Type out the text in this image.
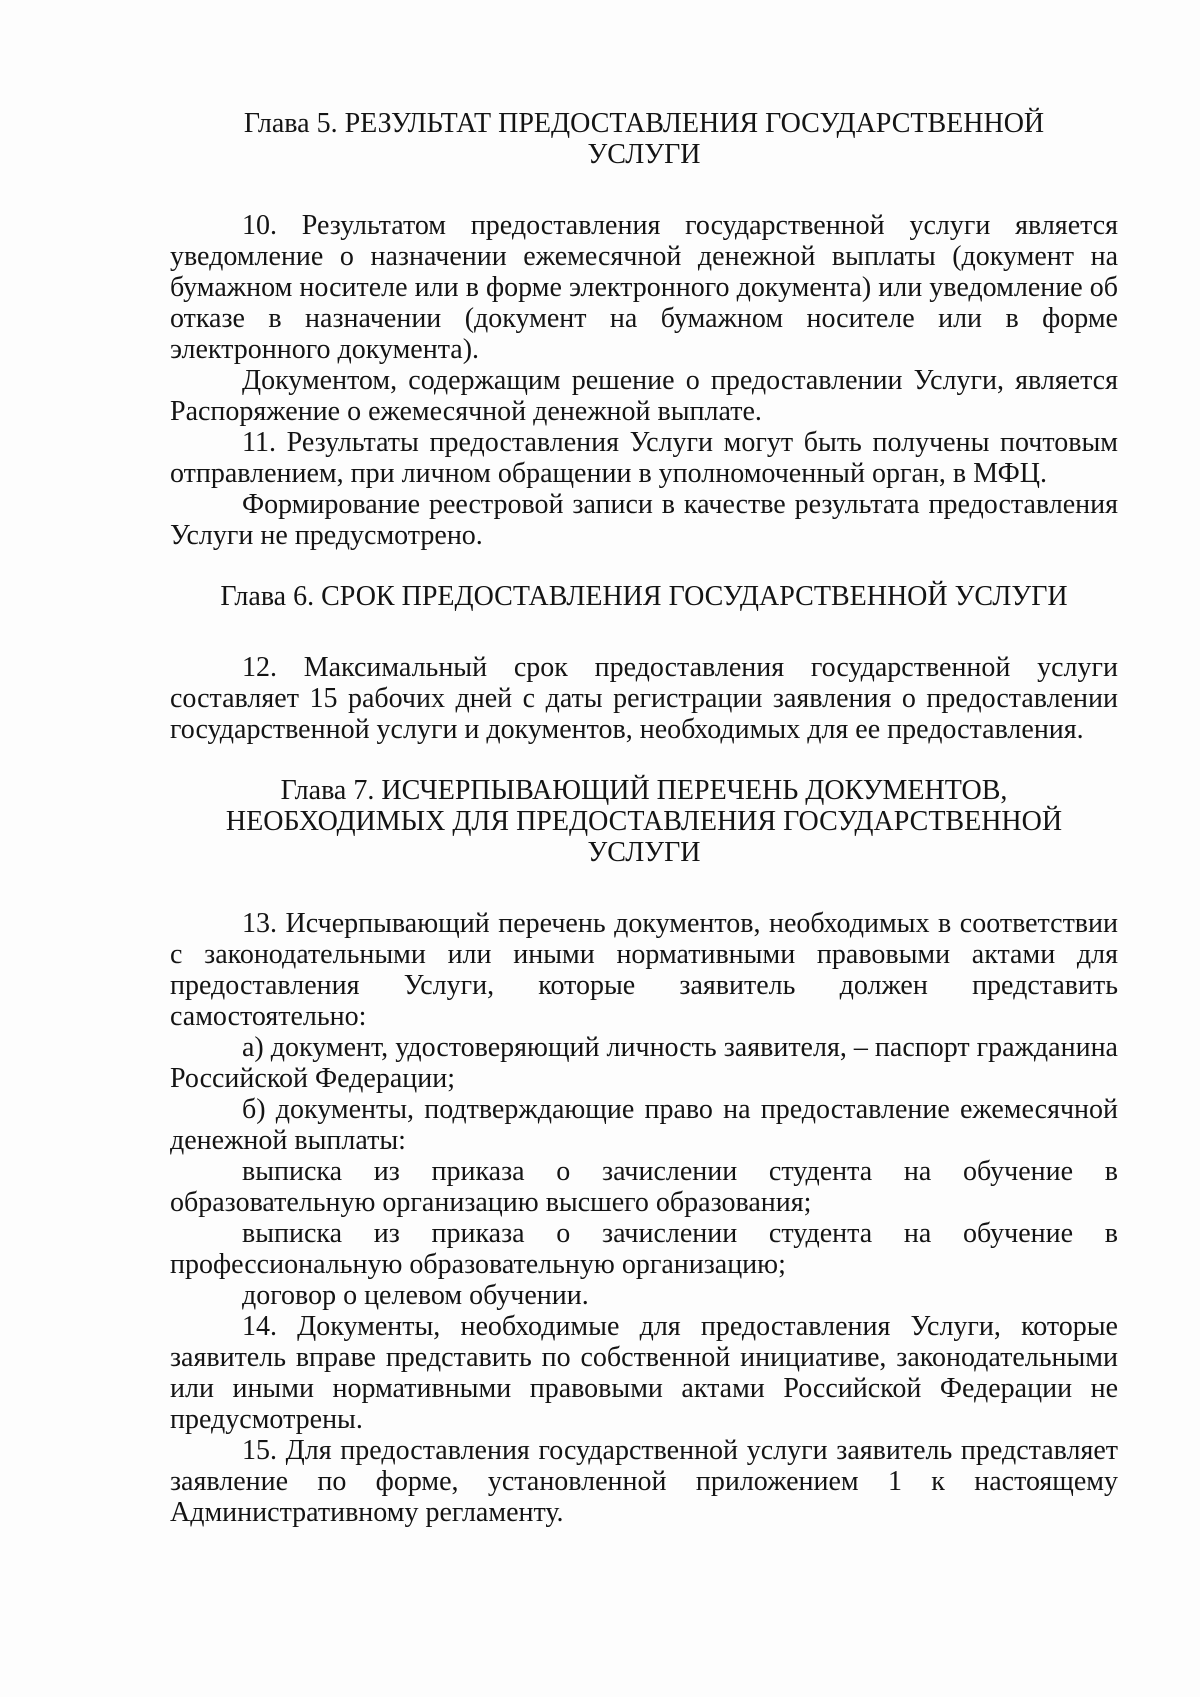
Глава 5. РЕЗУЛЬТАТ ПРЕДОСТАВЛЕНИЯ ГОСУДАРСТВЕННОЙ
УСЛУГИ

10. Результатом предоставления государственной услуги является уведомление о назначении ежемесячной денежной выплаты (документ на бумажном носителе или в форме электронного документа) или уведомление об отказе в назначении (документ на бумажном носителе или в форме электронного документа).

Документом, содержащим решение о предоставлении Услуги, является Распоряжение о ежемесячной денежной выплате.

11. Результаты предоставления Услуги могут быть получены почтовым отправлением, при личном обращении в уполномоченный орган, в МФЦ.

Формирование реестровой записи в качестве результата предоставления Услуги не предусмотрено.

Глава 6. СРОК ПРЕДОСТАВЛЕНИЯ ГОСУДАРСТВЕННОЙ УСЛУГИ

12. Максимальный срок предоставления государственной услуги составляет 15 рабочих дней с даты регистрации заявления о предоставлении государственной услуги и документов, необходимых для ее предоставления.

Глава 7. ИСЧЕРПЫВАЮЩИЙ ПЕРЕЧЕНЬ ДОКУМЕНТОВ,
НЕОБХОДИМЫХ ДЛЯ ПРЕДОСТАВЛЕНИЯ ГОСУДАРСТВЕННОЙ
УСЛУГИ

13. Исчерпывающий перечень документов, необходимых в соответствии с законодательными или иными нормативными правовыми актами для предоставления Услуги, которые заявитель должен представить самостоятельно:

а) документ, удостоверяющий личность заявителя, – паспорт гражданина Российской Федерации;

б) документы, подтверждающие право на предоставление ежемесячной денежной выплаты:

выписка из приказа о зачислении студента на обучение в образовательную организацию высшего образования;

выписка из приказа о зачислении студента на обучение в профессиональную образовательную организацию;

договор о целевом обучении.

14. Документы, необходимые для предоставления Услуги, которые заявитель вправе представить по собственной инициативе, законодательными или иными нормативными правовыми актами Российской Федерации не предусмотрены.

15. Для предоставления государственной услуги заявитель представляет заявление по форме, установленной приложением 1 к настоящему Административному регламенту.
